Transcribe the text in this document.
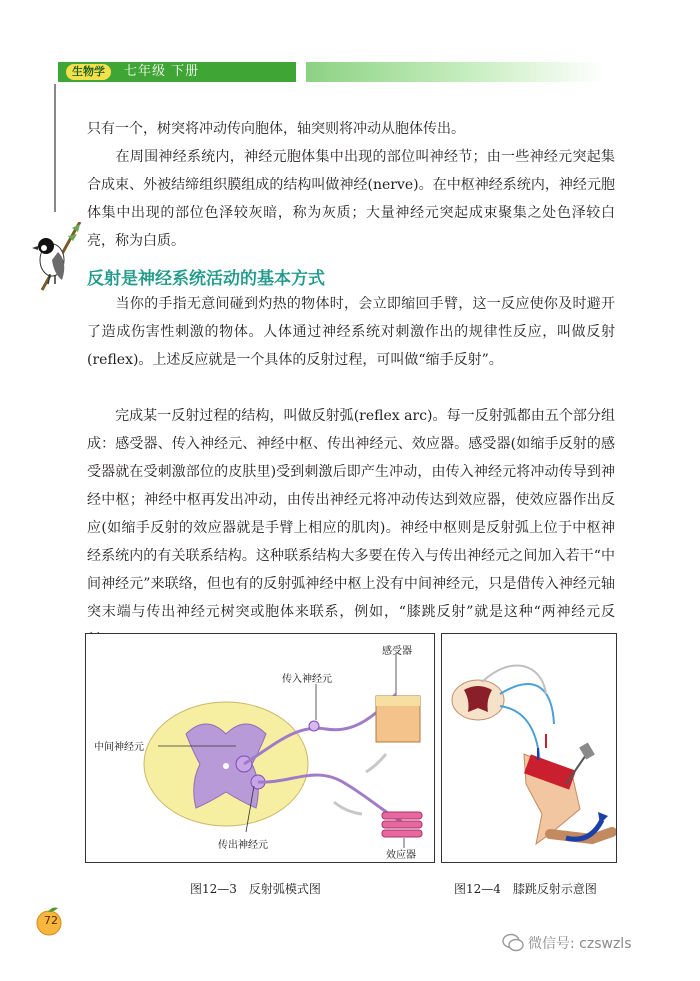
生物学	七年级 下册

只有一个，树突将冲动传向胞体，轴突则将冲动从胞体传出。

　　在周围神经系统内，神经元胞体集中出现的部位叫神经节；由一些神经元突起集合成束、外被结缔组织膜组成的结构叫做神经(nerve)。在中枢神经系统内，神经元胞体集中出现的部位色泽较灰暗，称为灰质；大量神经元突起成束聚集之处色泽较白亮，称为白质。

反射是神经系统活动的基本方式

　　当你的手指无意间碰到灼热的物体时，会立即缩回手臂，这一反应使你及时避开了造成伤害性刺激的物体。人体通过神经系统对刺激作出的规律性反应，叫做反射(reflex)。上述反应就是一个具体的反射过程，可叫做“缩手反射”。

　　完成某一反射过程的结构，叫做反射弧(reflex arc)。每一反射弧都由五个部分组成：感受器、传入神经元、神经中枢、传出神经元、效应器。感受器(如缩手反射的感受器就在受刺激部位的皮肤里)受到刺激后即产生冲动，由传入神经元将冲动传导到神经中枢；神经中枢再发出冲动，由传出神经元将冲动传达到效应器，使效应器作出反应(如缩手反射的效应器就是手臂上相应的肌肉)。神经中枢则是反射弧上位于中枢神经系统内的有关联系结构。这种联系结构大多要在传入与传出神经元之间加入若干“中间神经元”来联络，但也有的反射弧神经中枢上没有中间神经元，只是借传入神经元轴突末端与传出神经元树突或胞体来联系，例如，“膝跳反射”就是这种“两神经元反

感受器
传入神经元
中间神经元
传出神经元
效应器
图12—3　反射弧模式图	图12—4　膝跳反射示意图
72
微信号: czswzls
